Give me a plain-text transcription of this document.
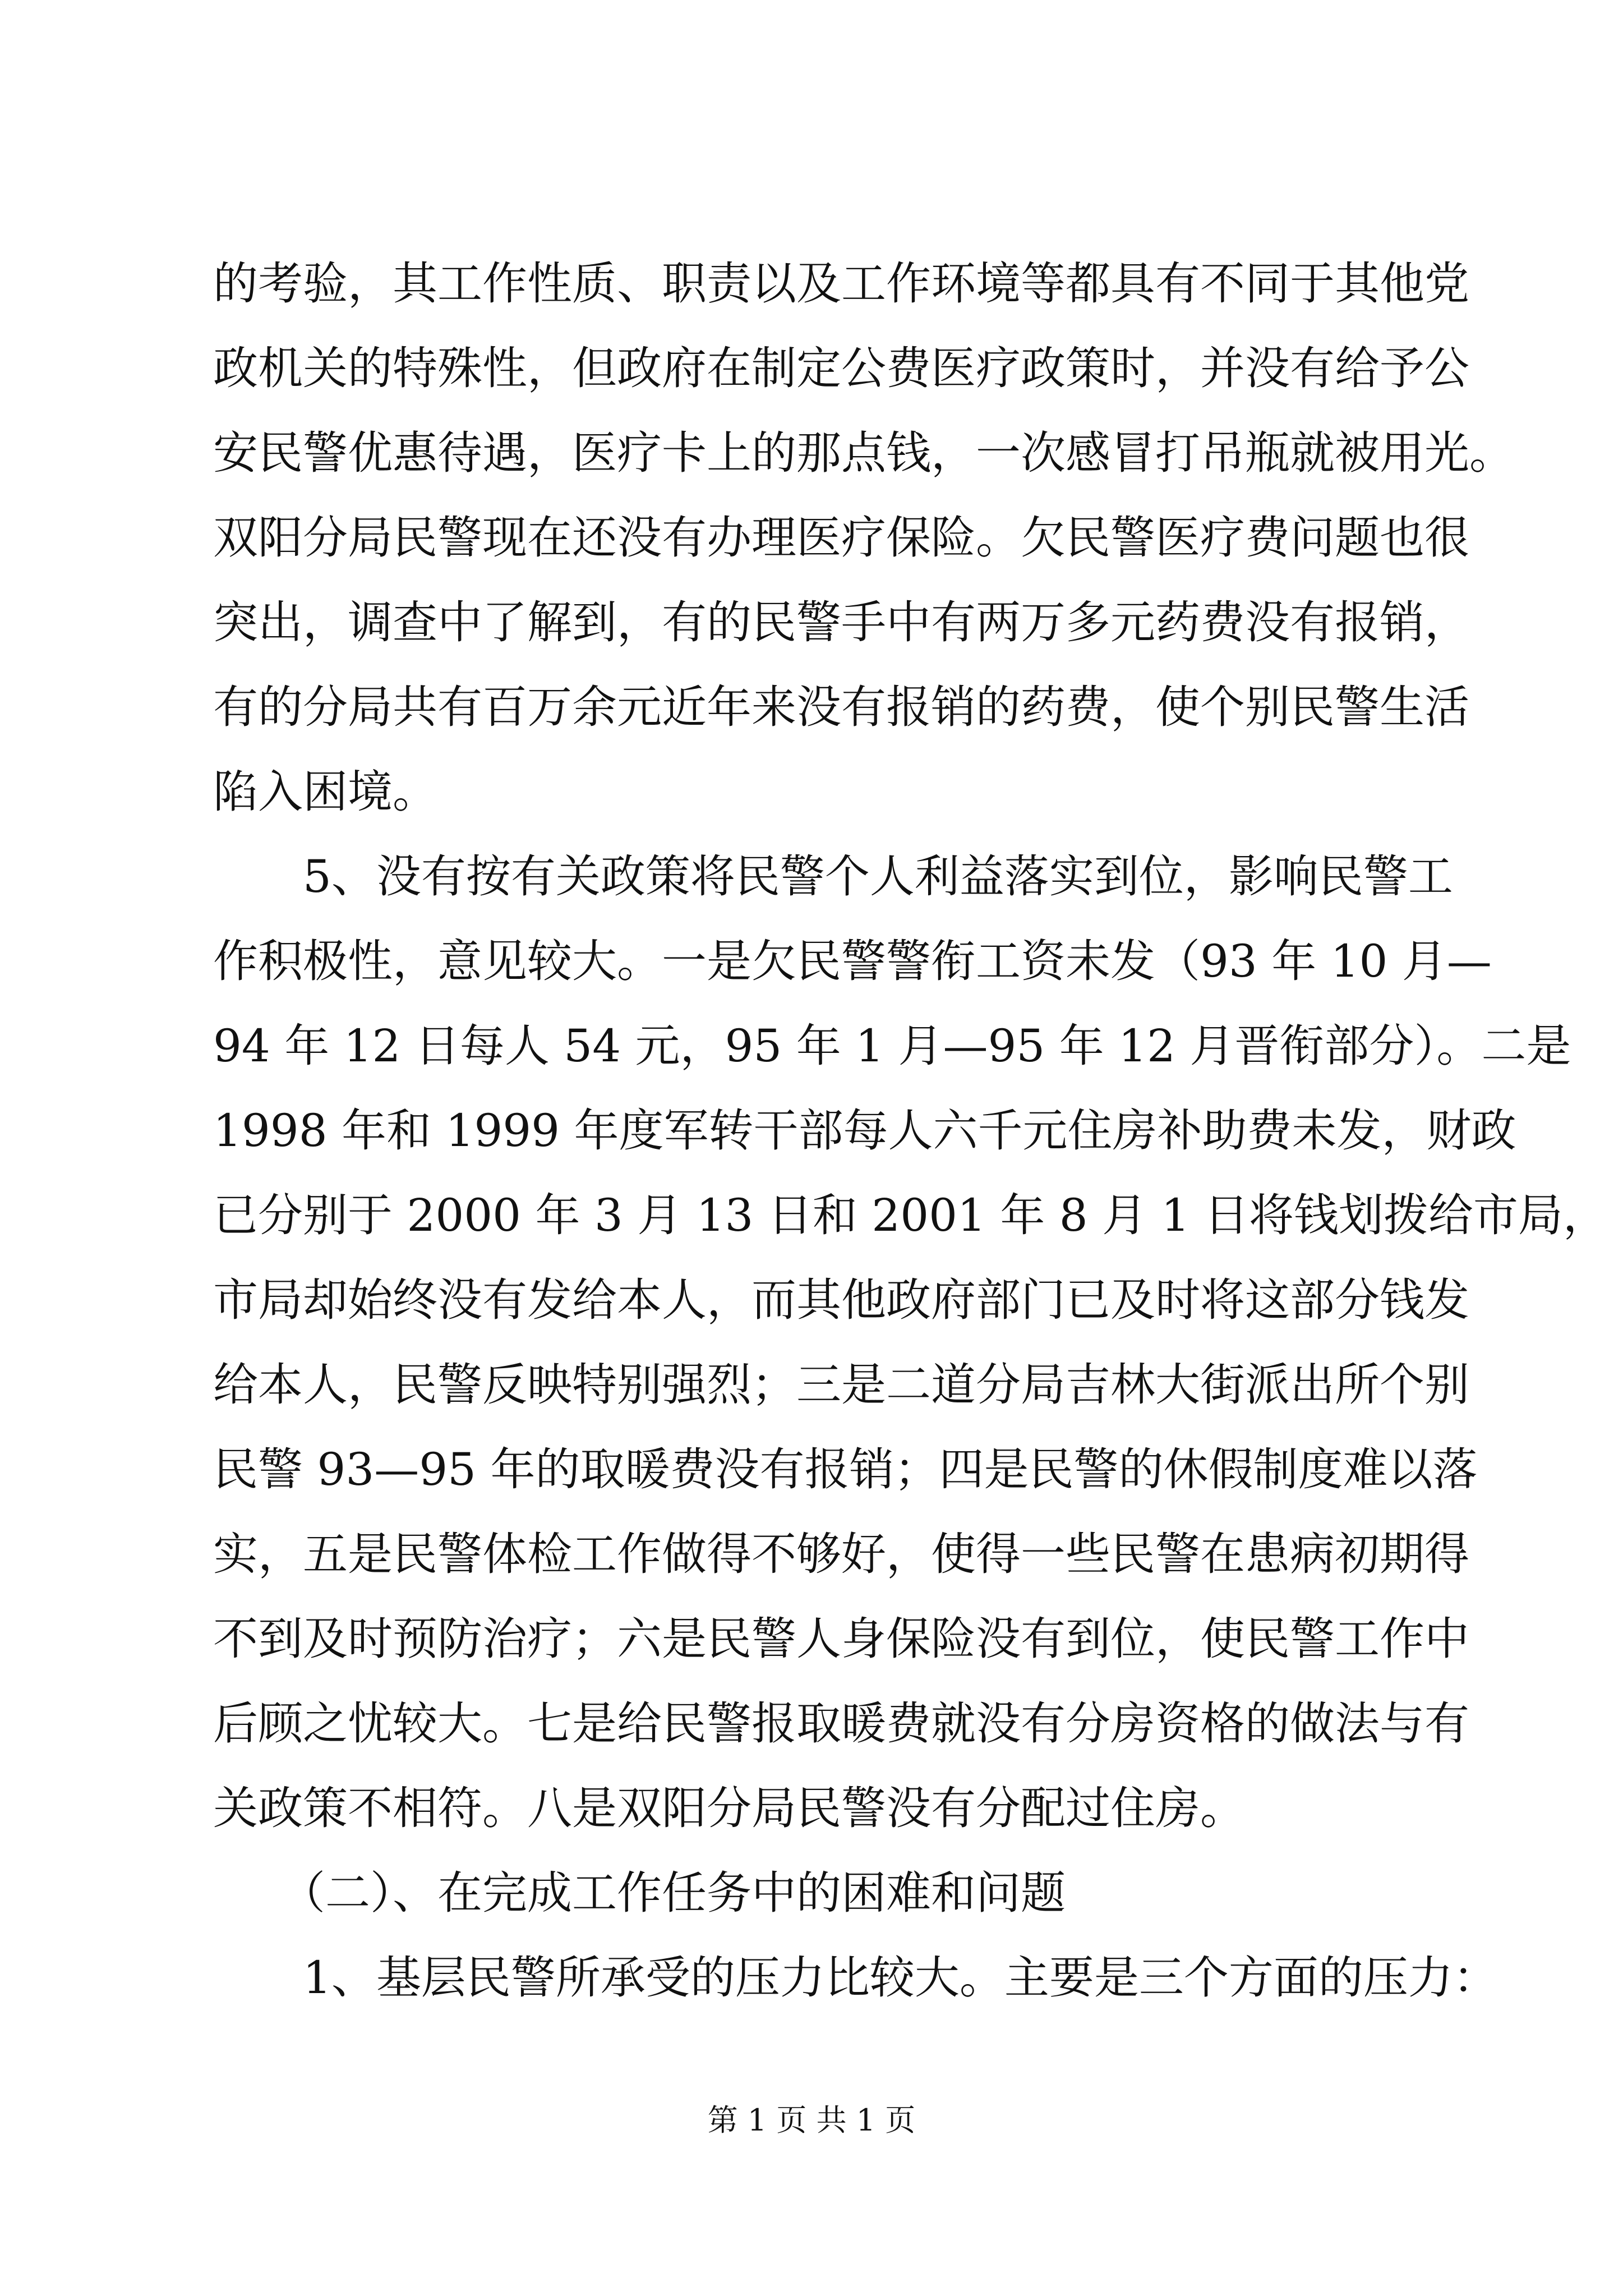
的考验，其工作性质、职责以及工作环境等都具有不同于其他党
政机关的特殊性，但政府在制定公费医疗政策时，并没有给予公
安民警优惠待遇，医疗卡上的那点钱，一次感冒打吊瓶就被用光。
双阳分局民警现在还没有办理医疗保险。欠民警医疗费问题也很
突出，调查中了解到，有的民警手中有两万多元药费没有报销，
有的分局共有百万余元近年来没有报销的药费，使个别民警生活
陷入困境。
　　5、没有按有关政策将民警个人利益落实到位，影响民警工
作积极性，意见较大。一是欠民警警衔工资未发（93 年 10 月—
94 年 12 日每人 54 元，95 年 1 月—95 年 12 月晋衔部分）。二是
1998 年和 1999 年度军转干部每人六千元住房补助费未发，财政
已分别于 2000 年 3 月 13 日和 2001 年 8 月 1 日将钱划拨给市局，
市局却始终没有发给本人，而其他政府部门已及时将这部分钱发
给本人，民警反映特别强烈；三是二道分局吉林大街派出所个别
民警 93—95 年的取暖费没有报销；四是民警的休假制度难以落
实，五是民警体检工作做得不够好，使得一些民警在患病初期得
不到及时预防治疗；六是民警人身保险没有到位，使民警工作中
后顾之忧较大。七是给民警报取暖费就没有分房资格的做法与有
关政策不相符。八是双阳分局民警没有分配过住房。
　　（二）、在完成工作任务中的困难和问题
　　1、基层民警所承受的压力比较大。主要是三个方面的压力：
第 1 页 共 1 页
